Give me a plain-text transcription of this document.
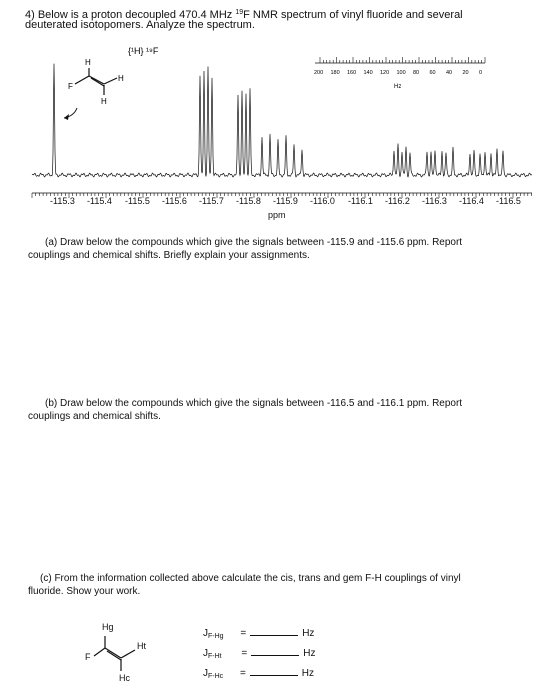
4) Below is a proton decoupled 470.4 MHz $^{19}$F NMR spectrum of vinyl fluoride and several
deuterated isotopomers. Analyze the spectrum.
{¹H} ¹⁹F
H
H
H
F
200 180 160 140 120 100 80 60 40 20 0
Hz
-115.3 -115.4 -115.5 -115.6 -115.7 -115.8 -115.9 -116.0 -116.1 -116.2 -116.3 -116.4 -116.5
ppm
(a) Draw below the compounds which give the signals between -115.9 and -115.6 ppm. Report
couplings and chemical shifts. Briefly explain your assignments.
(b) Draw below the compounds which give the signals between -116.5 and -116.1 ppm. Report
couplings and chemical shifts.
(c) From the information collected above calculate the cis, trans and gem F-H couplings of vinyl
fluoride. Show your work.
Hg
Ht
Hc
F
$J_{F-Hg}$ =	Hz
$J_{F-Ht}$ =	Hz
$J_{F-Hc}$ =	Hz
